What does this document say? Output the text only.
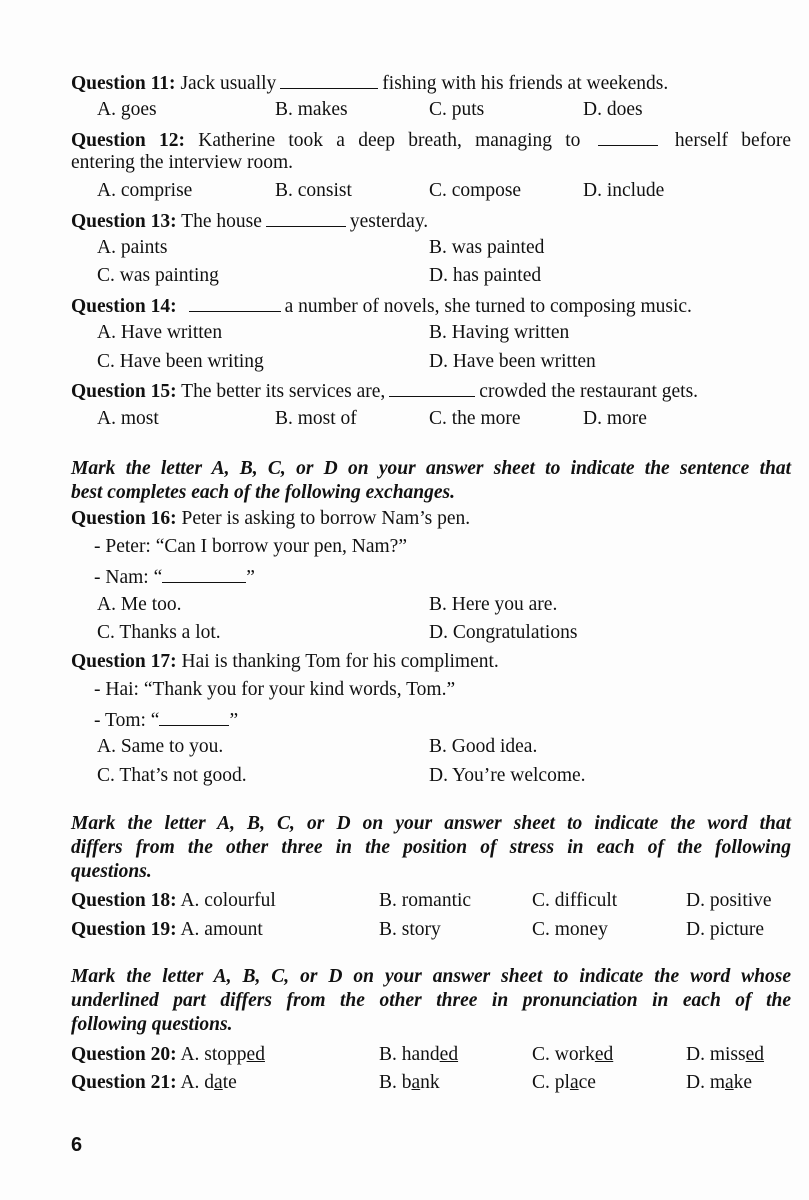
Question 11: Jack usually	fishing with his friends at weekends.
A. goes	B. makes	C. puts	D. does
Question 12: Katherine took a deep breath, managing to	herself before
entering the interview room.
A. comprise	B. consist	C. compose	D. include
Question 13: The house	yesterday.
A. paints	B. was painted
C. was painting	D. has painted
Question 14:	a number of novels, she turned to composing music.
A. Have written	B. Having written
C. Have been writing	D. Have been written
Question 15: The better its services are,	crowded the restaurant gets.
A. most	B. most of	C. the more	D. more
Mark the letter A, B, C, or D on your answer sheet to indicate the sentence that
best completes each of the following exchanges.
Question 16: Peter is asking to borrow Nam’s pen.
- Peter: “Can I borrow your pen, Nam?”
- Nam: “	”
A. Me too.	B. Here you are.
C. Thanks a lot.	D. Congratulations
Question 17: Hai is thanking Tom for his compliment.
- Hai: “Thank you for your kind words, Tom.”
- Tom: “	”
A. Same to you.	B. Good idea.
C. That’s not good.	D. You’re welcome.
Mark the letter A, B, C, or D on your answer sheet to indicate the word that
differs from the other three in the position of stress in each of the following
questions.
Question 18: A. colourful	B. romantic	C. difficult	D. positive
Question 19: A. amount	B. story	C. money	D. picture
Mark the letter A, B, C, or D on your answer sheet to indicate the word whose
underlined part differs from the other three in pronunciation in each of the
following questions.
Question 20: A. stopped	B. handed	C. worked	D. missed
Question 21: A. date	B. bank	C. place	D. make
6
